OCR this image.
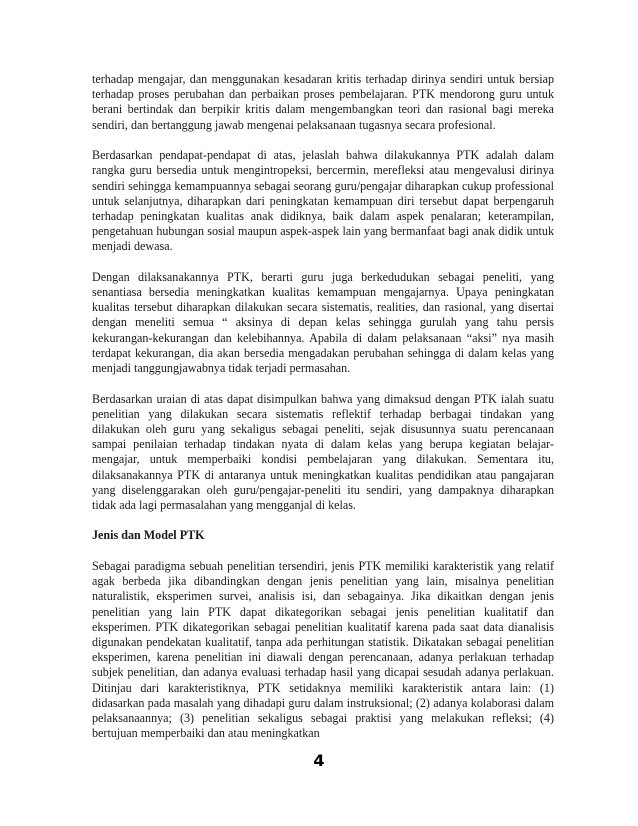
terhadap mengajar, dan menggunakan kesadaran kritis terhadap dirinya sendiri untuk bersiap terhadap proses perubahan dan perbaikan proses pembelajaran. PTK mendorong guru untuk berani bertindak dan berpikir kritis dalam mengembangkan teori dan rasional bagi mereka sendiri, dan bertanggung jawab mengenai pelaksanaan tugasnya secara profesional.

Berdasarkan pendapat-pendapat di atas, jelaslah bahwa dilakukannya PTK adalah dalam rangka guru bersedia untuk mengintropeksi, bercermin, merefleksi atau mengevalusi dirinya sendiri sehingga kemampuannya sebagai seorang guru/pengajar diharapkan cukup professional untuk selanjutnya, diharapkan dari peningkatan kemampuan diri tersebut dapat berpengaruh terhadap peningkatan kualitas anak didiknya, baik dalam aspek penalaran; keterampilan, pengetahuan hubungan sosial maupun aspek-aspek lain yang bermanfaat bagi anak didik untuk menjadi dewasa.

Dengan dilaksanakannya PTK, berarti guru juga berkedudukan sebagai peneliti, yang senantiasa bersedia meningkatkan kualitas kemampuan mengajarnya. Upaya peningkatan kualitas tersebut diharapkan dilakukan secara sistematis, realities, dan rasional, yang disertai dengan meneliti semua “ aksinya di depan kelas sehingga gurulah yang tahu persis kekurangan-kekurangan dan kelebihannya. Apabila di dalam pelaksanaan “aksi” nya masih terdapat kekurangan, dia akan bersedia mengadakan perubahan sehingga di dalam kelas yang menjadi tanggungjawabnya tidak terjadi permasahan.

Berdasarkan uraian di atas dapat disimpulkan bahwa yang dimaksud dengan PTK ialah suatu penelitian yang dilakukan secara sistematis reflektif terhadap berbagai tindakan yang dilakukan oleh guru yang sekaligus sebagai peneliti, sejak disusunnya suatu perencanaan sampai penilaian terhadap tindakan nyata di dalam kelas yang berupa kegiatan belajar-mengajar, untuk memperbaiki kondisi pembelajaran yang dilakukan. Sementara itu, dilaksanakannya PTK di antaranya untuk meningkatkan kualitas pendidikan atau pangajaran yang diselenggarakan oleh guru/pengajar-peneliti itu sendiri, yang dampaknya diharapkan tidak ada lagi permasalahan yang mengganjal di kelas.

Jenis dan Model PTK

Sebagai paradigma sebuah penelitian tersendiri, jenis PTK memiliki karakteristik yang relatif agak berbeda jika dibandingkan dengan jenis penelitian yang lain, misalnya penelitian naturalistik, eksperimen survei, analisis isi, dan sebagainya. Jika dikaitkan dengan jenis penelitian yang lain PTK dapat dikategorikan sebagai jenis penelitian kualitatif dan eksperimen. PTK dikategorikan sebagai penelitian kualitatif karena pada saat data dianalisis digunakan pendekatan kualitatif, tanpa ada perhitungan statistik. Dikatakan sebagai penelitian eksperimen, karena penelitian ini diawali dengan perencanaan, adanya perlakuan terhadap subjek penelitian, dan adanya evaluasi terhadap hasil yang dicapai sesudah adanya perlakuan. Ditinjau dari karakteristiknya, PTK setidaknya memiliki karakteristik antara lain: (1) didasarkan pada masalah yang dihadapi guru dalam instruksional; (2) adanya kolaborasi dalam pelaksanaannya; (3) penelitian sekaligus sebagai praktisi yang melakukan refleksi; (4) bertujuan memperbaiki dan atau meningkatkan

4
